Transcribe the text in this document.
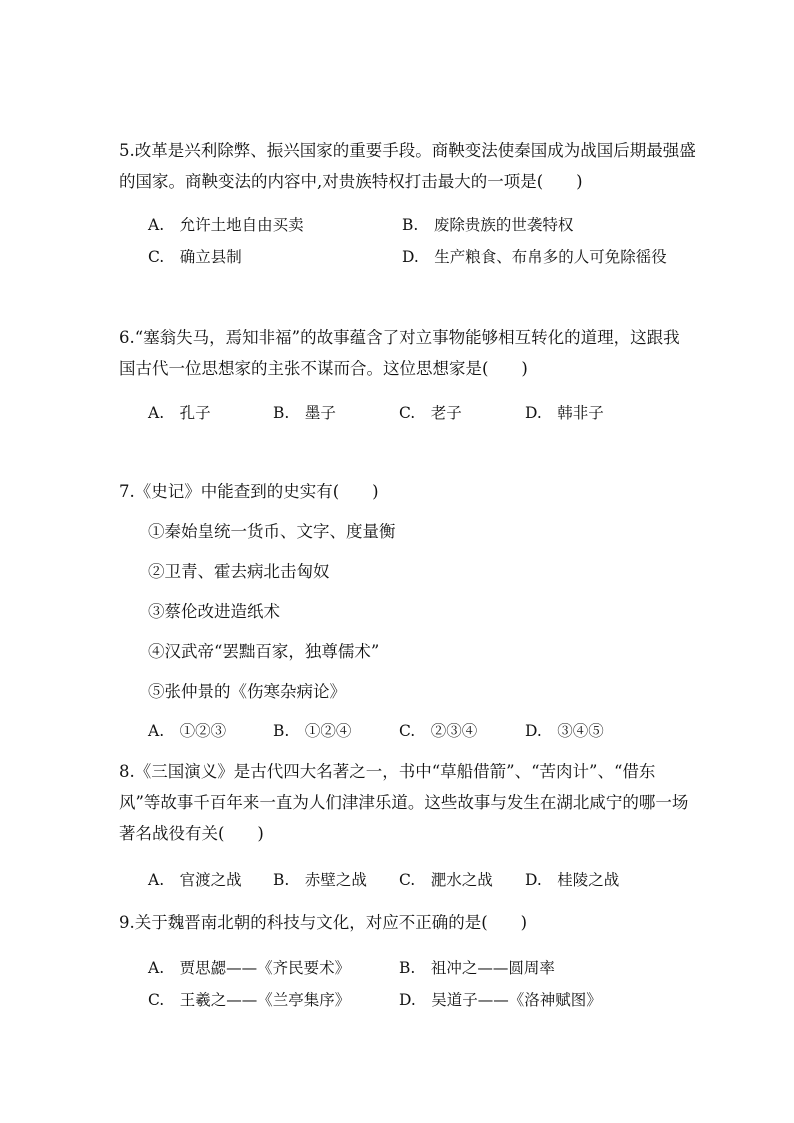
5.改革是兴利除弊、振兴国家的重要手段。商鞅变法使秦国成为战国后期最强盛
的国家。商鞅变法的内容中,对贵族特权打击最大的一项是(　　)
A.　允许土地自由买卖	B.　废除贵族的世袭特权
C.　确立县制	D.　生产粮食、布帛多的人可免除徭役
6.“塞翁失马，焉知非福”的故事蕴含了对立事物能够相互转化的道理，这跟我
国古代一位思想家的主张不谋而合。这位思想家是(　　)
A.　孔子	B.　墨子	C.　老子	D.　韩非子
7.《史记》中能查到的史实有(　　)
①秦始皇统一货币、文字、度量衡
②卫青、霍去病北击匈奴
③蔡伦改进造纸术
④汉武帝“罢黜百家，独尊儒术”
⑤张仲景的《伤寒杂病论》
A.　①②③	B.　①②④	C.　②③④	D.　③④⑤
8.《三国演义》是古代四大名著之一，书中“草船借箭”、“苦肉计”、“借东
风”等故事千百年来一直为人们津津乐道。这些故事与发生在湖北咸宁的哪一场
著名战役有关(　　)
A.　官渡之战 B.　赤壁之战 C.　淝水之战 D.　桂陵之战
9.关于魏晋南北朝的科技与文化，对应不正确的是(　　)
A.　贾思勰——《齐民要术》	B.　祖冲之——圆周率
C.　王羲之——《兰亭集序》	D.　吴道子——《洛神赋图》
